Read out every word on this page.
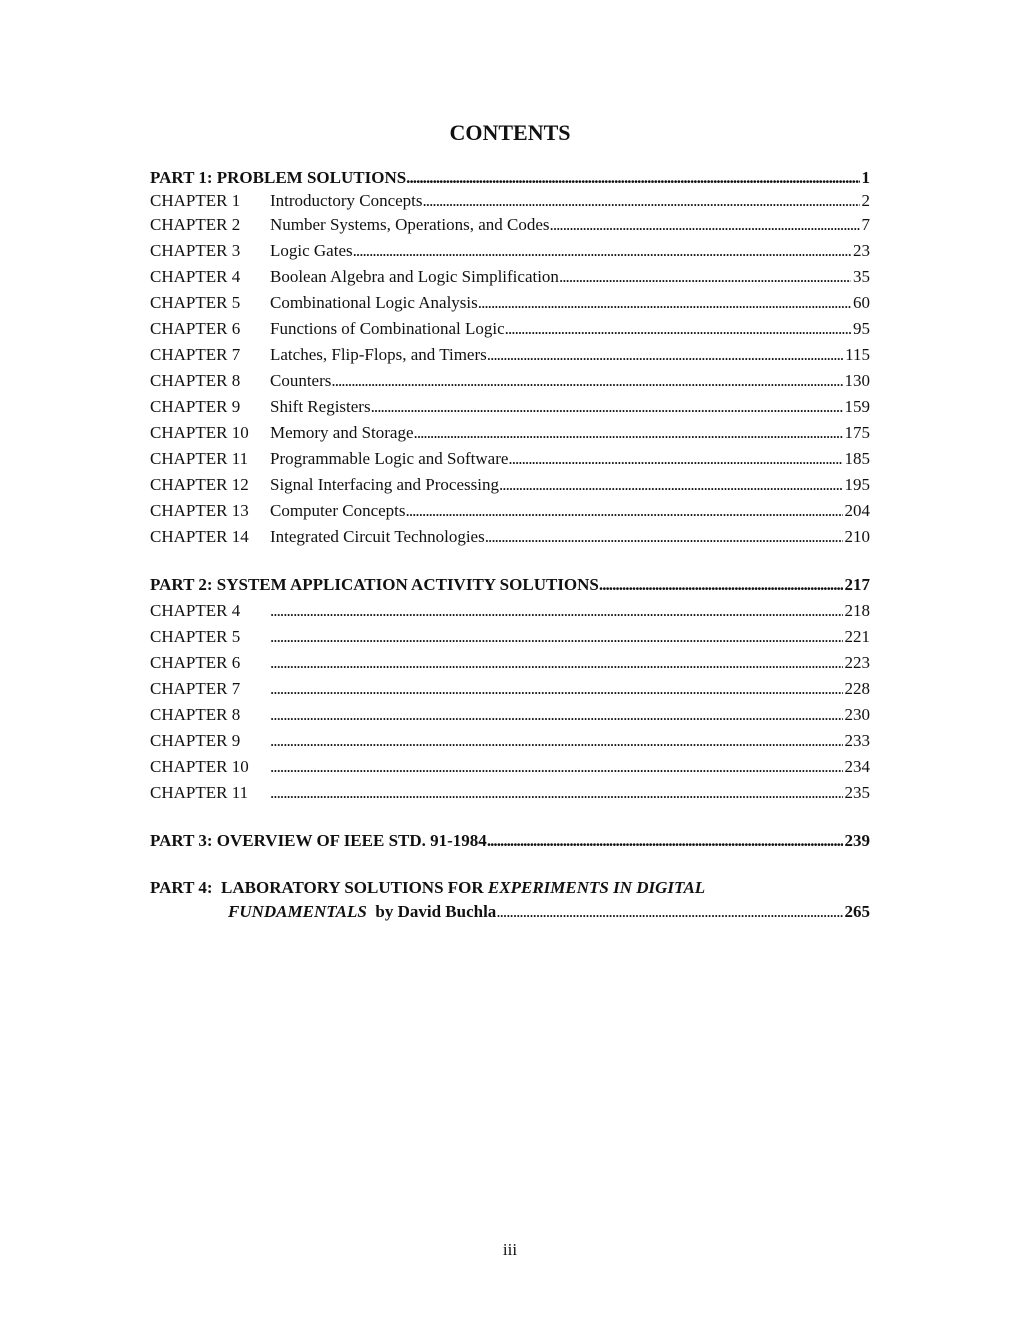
CONTENTS
PART 1: PROBLEM SOLUTIONS . . .	1
CHAPTER 1	Introductory Concepts . . .	2
CHAPTER 2	Number Systems, Operations, and Codes . . .	7
CHAPTER 3	Logic Gates . . .	23
CHAPTER 4	Boolean Algebra and Logic Simplification . . .	35
CHAPTER 5	Combinational Logic Analysis . . .	60
CHAPTER 6	Functions of Combinational Logic . . .	95
CHAPTER 7	Latches, Flip-Flops, and Timers . . .	115
CHAPTER 8	Counters . . .	130
CHAPTER 9	Shift Registers . . .	159
CHAPTER 10	Memory and Storage . . .	175
CHAPTER 11	Programmable Logic and Software . . .	185
CHAPTER 12	Signal Interfacing and Processing . . .	195
CHAPTER 13	Computer Concepts . . .	204
CHAPTER 14	Integrated Circuit Technologies . . .	210
PART 2: SYSTEM APPLICATION ACTIVITY SOLUTIONS . . .	217
CHAPTER 4 . . .	218
CHAPTER 5 . . .	221
CHAPTER 6 . . .	223
CHAPTER 7 . . .	228
CHAPTER 8 . . .	230
CHAPTER 9 . . .	233
CHAPTER 10 . . .	234
CHAPTER 11 . . .	235
PART 3: OVERVIEW OF IEEE STD. 91-1984 . . .	239
PART 4:  LABORATORY SOLUTIONS FOR EXPERIMENTS IN DIGITAL
FUNDAMENTALS by David Buchla . . .	265
iii
